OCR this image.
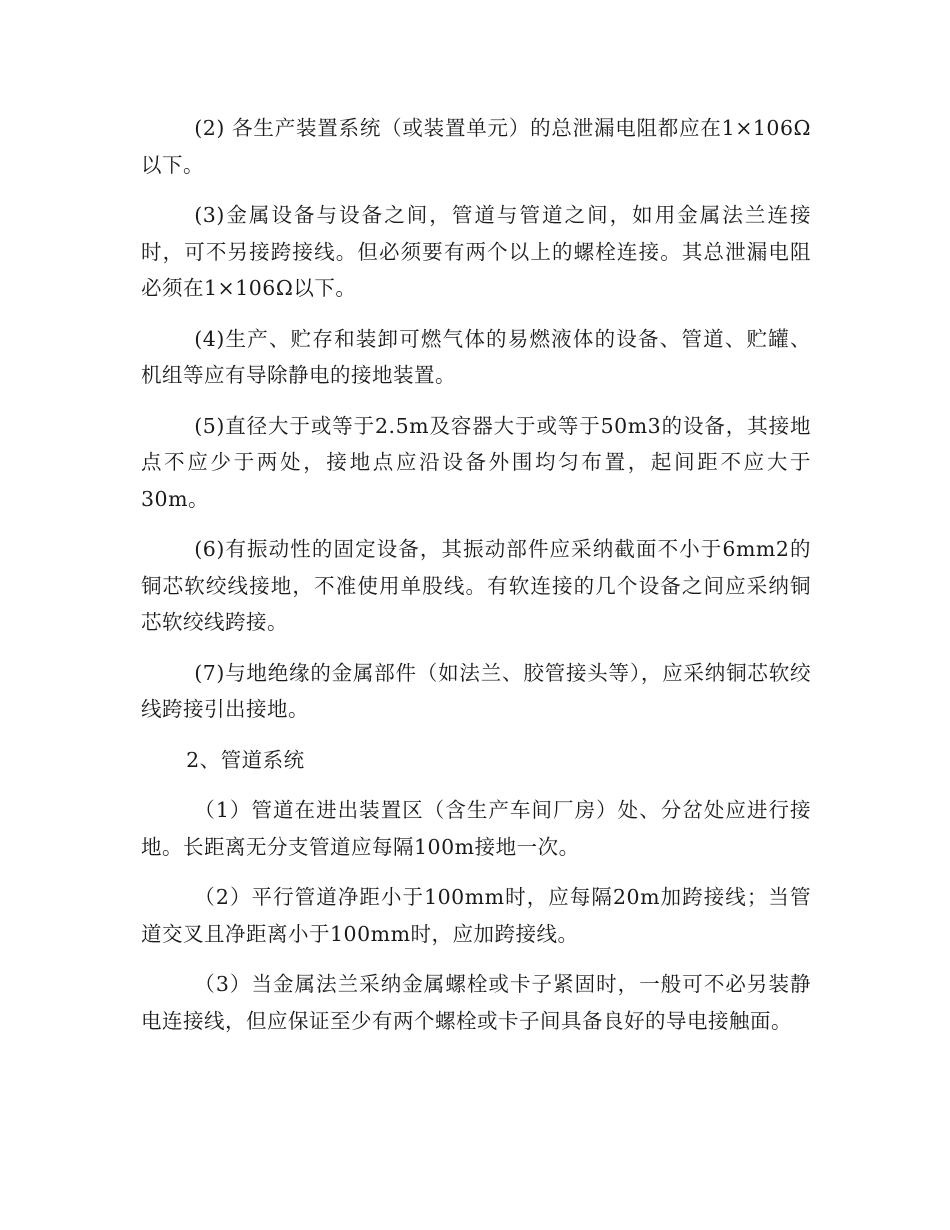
(2) 各生产装置系统（或装置单元）的总泄漏电阻都应在1×106Ω以下。

(3)金属设备与设备之间，管道与管道之间，如用金属法兰连接时，可不另接跨接线。但必须要有两个以上的螺栓连接。其总泄漏电阻必须在1×106Ω以下。

(4)生产、贮存和装卸可燃气体的易燃液体的设备、管道、贮罐、机组等应有导除静电的接地装置。

(5)直径大于或等于2.5m及容器大于或等于50m3的设备，其接地点不应少于两处，接地点应沿设备外围均匀布置，起间距不应大于30m。

(6)有振动性的固定设备，其振动部件应采纳截面不小于6mm2的铜芯软绞线接地，不准使用单股线。有软连接的几个设备之间应采纳铜芯软绞线跨接。

(7)与地绝缘的金属部件（如法兰、胶管接头等），应采纳铜芯软绞线跨接引出接地。

2、管道系统

（1）管道在进出装置区（含生产车间厂房）处、分岔处应进行接地。长距离无分支管道应每隔100m接地一次。

（2）平行管道净距小于100mm时，应每隔20m加跨接线；当管道交叉且净距离小于100mm时，应加跨接线。

（3）当金属法兰采纳金属螺栓或卡子紧固时，一般可不必另装静电连接线，但应保证至少有两个螺栓或卡子间具备良好的导电接触面。
